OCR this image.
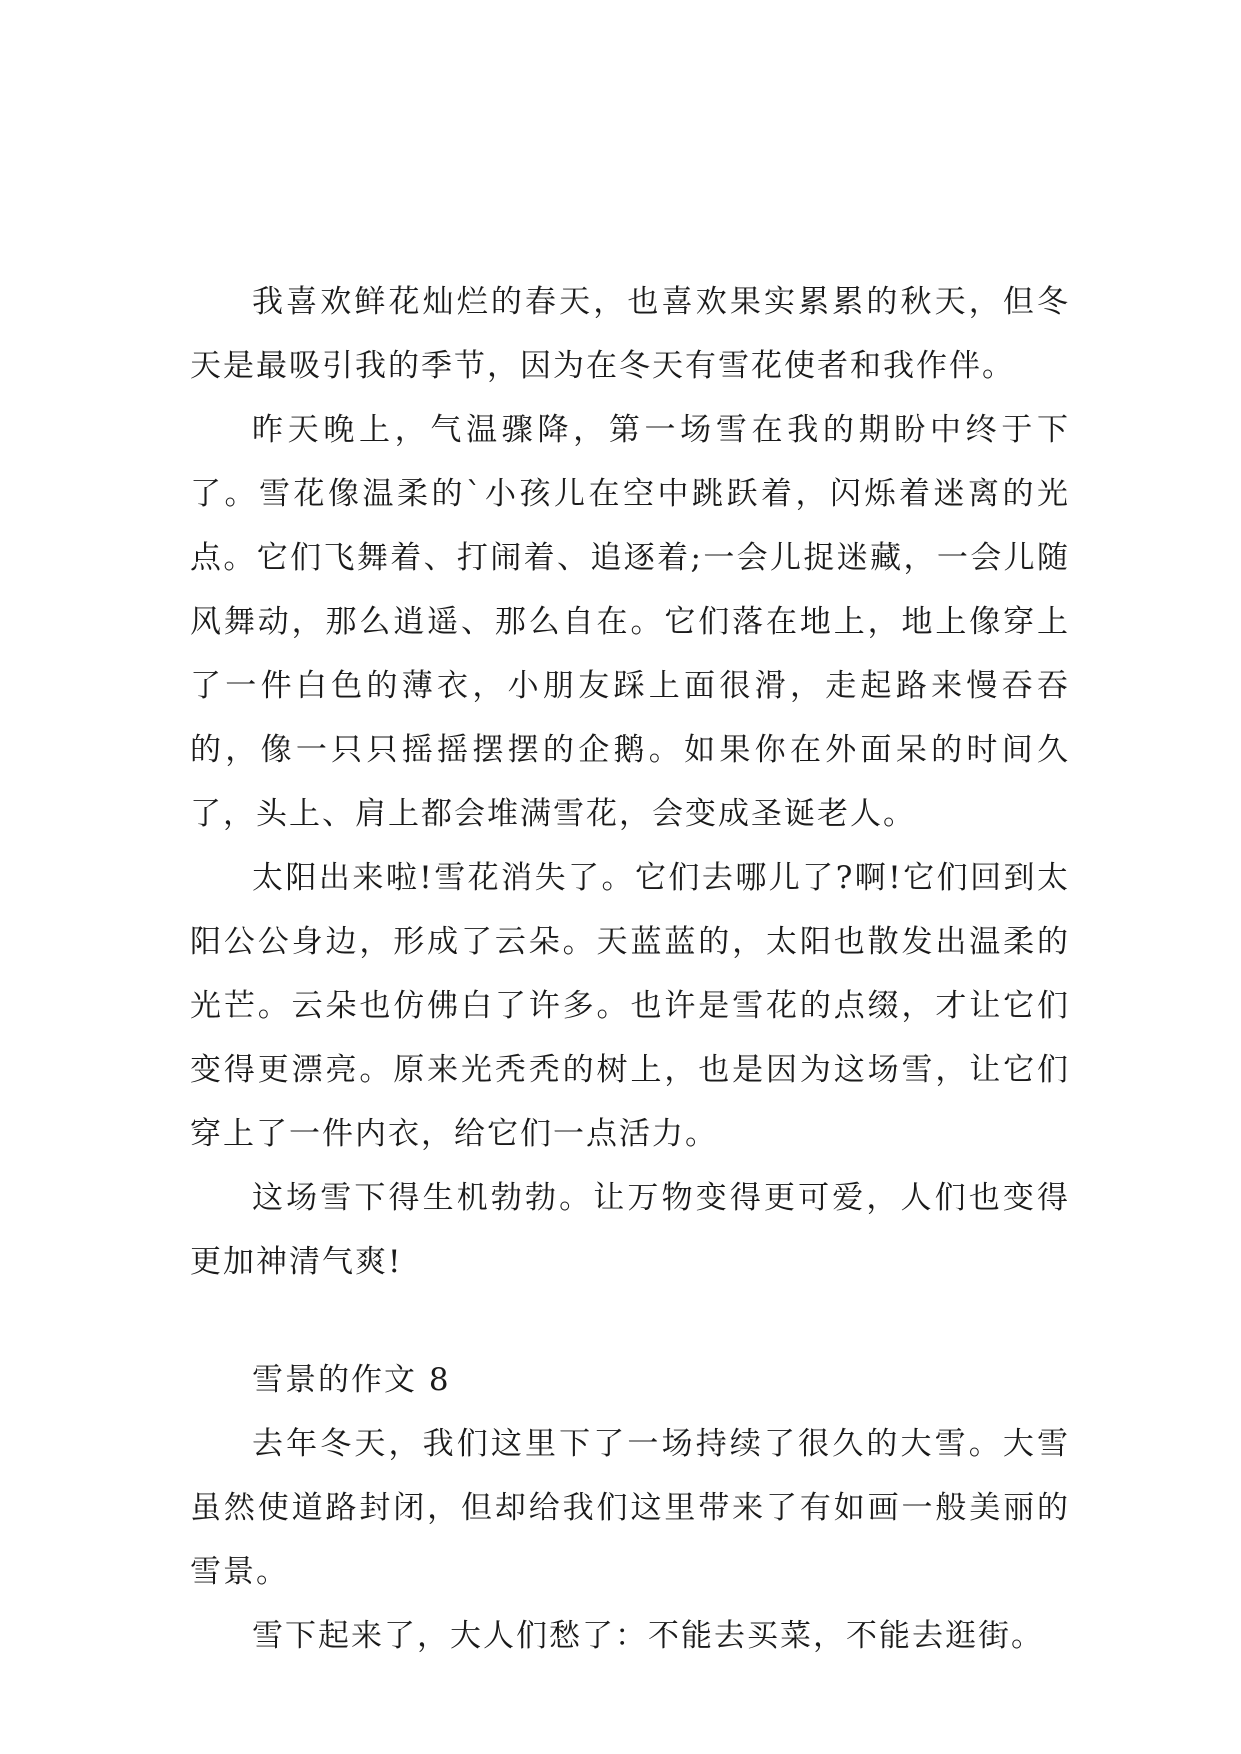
我喜欢鲜花灿烂的春天，也喜欢果实累累的秋天，但冬天是最吸引我的季节，因为在冬天有雪花使者和我作伴。

昨天晚上，气温骤降，第一场雪在我的期盼中终于下了。雪花像温柔的`小孩儿在空中跳跃着，闪烁着迷离的光点。它们飞舞着、打闹着、追逐着;一会儿捉迷藏，一会儿随风舞动，那么逍遥、那么自在。它们落在地上，地上像穿上了一件白色的薄衣，小朋友踩上面很滑，走起路来慢吞吞的，像一只只摇摇摆摆的企鹅。如果你在外面呆的时间久了，头上、肩上都会堆满雪花，会变成圣诞老人。

太阳出来啦!雪花消失了。它们去哪儿了?啊!它们回到太阳公公身边，形成了云朵。天蓝蓝的，太阳也散发出温柔的光芒。云朵也仿佛白了许多。也许是雪花的点缀，才让它们变得更漂亮。原来光秃秃的树上，也是因为这场雪，让它们穿上了一件内衣，给它们一点活力。

这场雪下得生机勃勃。让万物变得更可爱，人们也变得更加神清气爽!

雪景的作文 8

去年冬天，我们这里下了一场持续了很久的大雪。大雪虽然使道路封闭，但却给我们这里带来了有如画一般美丽的雪景。

雪下起来了，大人们愁了：不能去买菜，不能去逛街。
